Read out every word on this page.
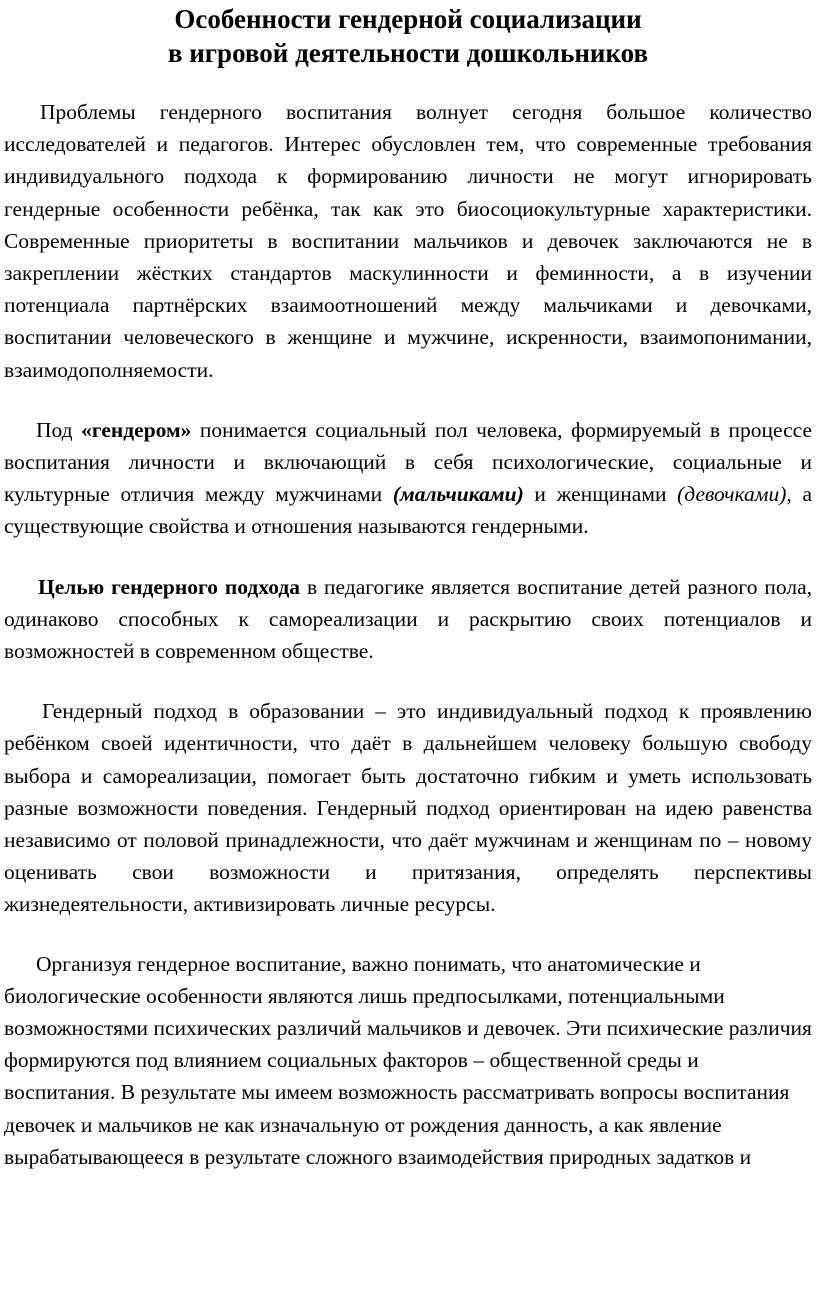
Особенности гендерной социализации
в игровой деятельности дошкольников

Проблемы гендерного воспитания волнует сегодня большое количество исследователей и педагогов. Интерес обусловлен тем, что современные требования индивидуального подхода к формированию личности не могут игнорировать гендерные особенности ребёнка, так как это биосоциокультурные характеристики. Современные приоритеты в воспитании мальчиков и девочек заключаются не в закреплении жёстких стандартов маскулинности и феминности, а в изучении потенциала партнёрских взаимоотношений между мальчиками и девочками, воспитании человеческого в женщине и мужчине, искренности, взаимопонимании, взаимодополняемости.

Под «гендером» понимается социальный пол человека, формируемый в процессе воспитания личности и включающий в себя психологические, социальные и культурные отличия между мужчинами (мальчиками) и женщинами (девочками), а существующие свойства и отношения называются гендерными.

Целью гендерного подхода в педагогике является воспитание детей разного пола, одинаково способных к самореализации и раскрытию своих потенциалов и возможностей в современном обществе.

Гендерный подход в образовании – это индивидуальный подход к проявлению ребёнком своей идентичности, что даёт в дальнейшем человеку большую свободу выбора и самореализации, помогает быть достаточно гибким и уметь использовать разные возможности поведения. Гендерный подход ориентирован на идею равенства независимо от половой принадлежности, что даёт мужчинам и женщинам по – новому оценивать свои возможности и притязания, определять перспективы жизнедеятельности, активизировать личные ресурсы.

Организуя гендерное воспитание, важно понимать, что анатомические и биологические особенности являются лишь предпосылками, потенциальными возможностями психических различий мальчиков и девочек. Эти психические различия формируются под влиянием социальных факторов – общественной среды и воспитания. В результате мы имеем возможность рассматривать вопросы воспитания девочек и мальчиков не как изначальную от рождения данность, а как явление вырабатывающееся в результате сложного взаимодействия природных задатков и
